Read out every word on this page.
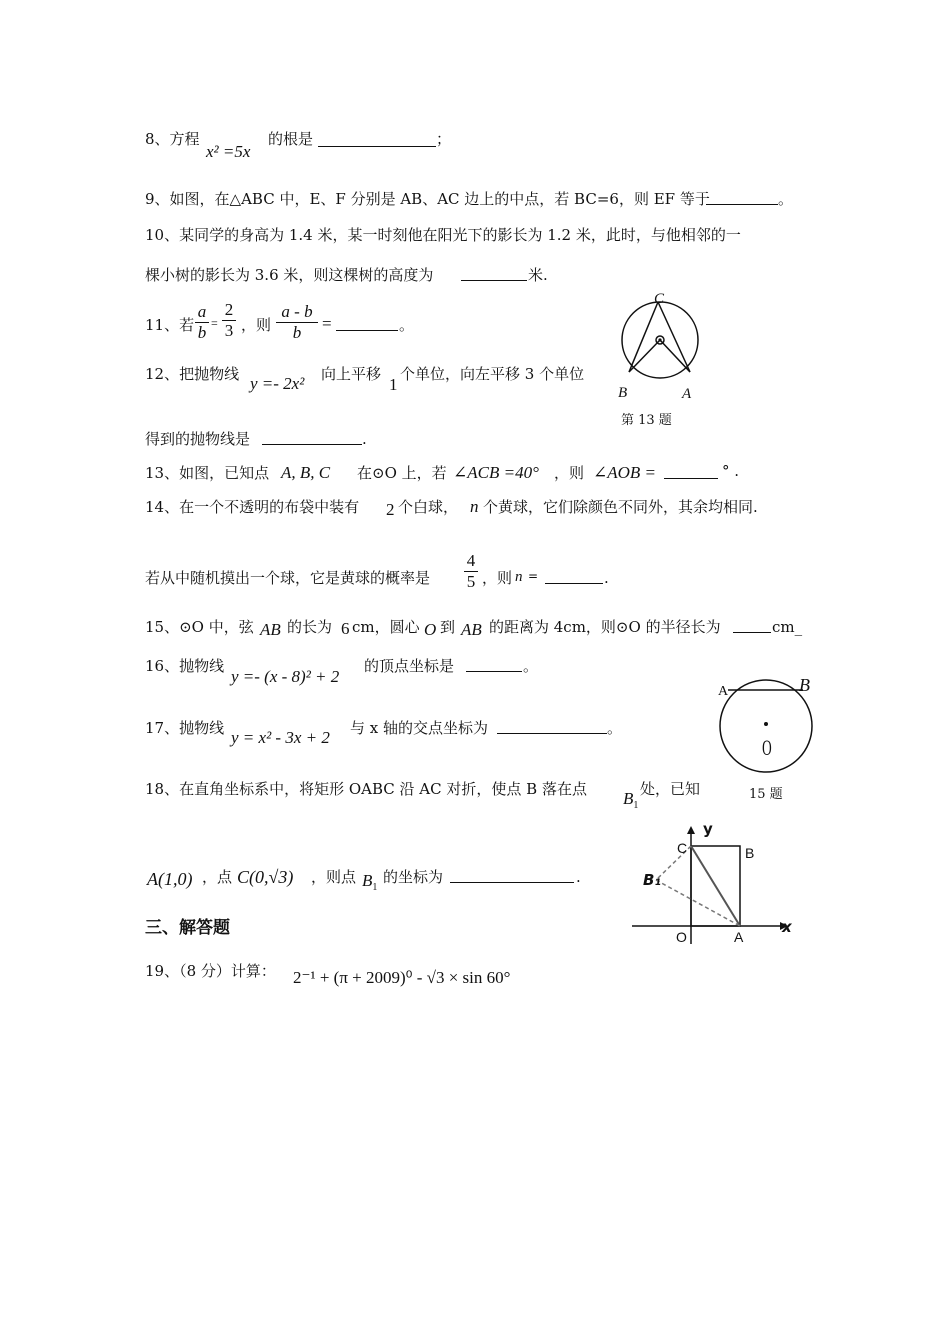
8、方程
x² =5x
的根是	；
9、如图，在△ABC 中，E、F 分别是 AB、AC 边上的中点，若 BC=6，则 EF 等于	。
10、某同学的身高为 1.4 米，某一时刻他在阳光下的影长为 1.2 米，此时，与他相邻的一
棵小树的影长为 3.6 米，则这棵树的高度为	米.
11、若 $\frac{a}{b} = \frac{2}{3}$ ，则 $\frac{a - b}{b}$ =	。
C
B	A
第 13 题
12、把抛物线 y =- 2x² 向上平移
1
个单位，向左平移 3 个单位
得到的抛物线是	.
13、如图，已知点 A, B, C 在⊙O 上，若 ∠ACB =40° ，则 ∠AOB =	° .
14、在一个不透明的布袋中装有 2 个白球， n 个黄球，它们除颜色不同外，其余均相同.
若从中随机摸出一个球，它是黄球的概率是 $\frac{4}{5}$ ，则 n =	.
15、⊙O 中，弦 AB 的长为 6 cm，圆心 O 到 AB 的距离为 4cm，则⊙O 的半径长为	cm_
16、抛物线
y =- (x - 8)² + 2
的顶点坐标是	。
A	B
O
15 题
17、抛物线 y = x² - 3x + 2 与 x 轴的交点坐标为	。
18、在直角坐标系中，将矩形 OABC 沿 AC 对折，使点 B 落在点 $B_1$
处，已知
A(1,0) ，点 C(0,√3) ，则点 $B_1$
的坐标为	.
y
x
C	B
B₁
O	A
三、解答题
19、（8 分）计算： 2⁻¹ + (π + 2009)⁰ - √3 × sin 60°
